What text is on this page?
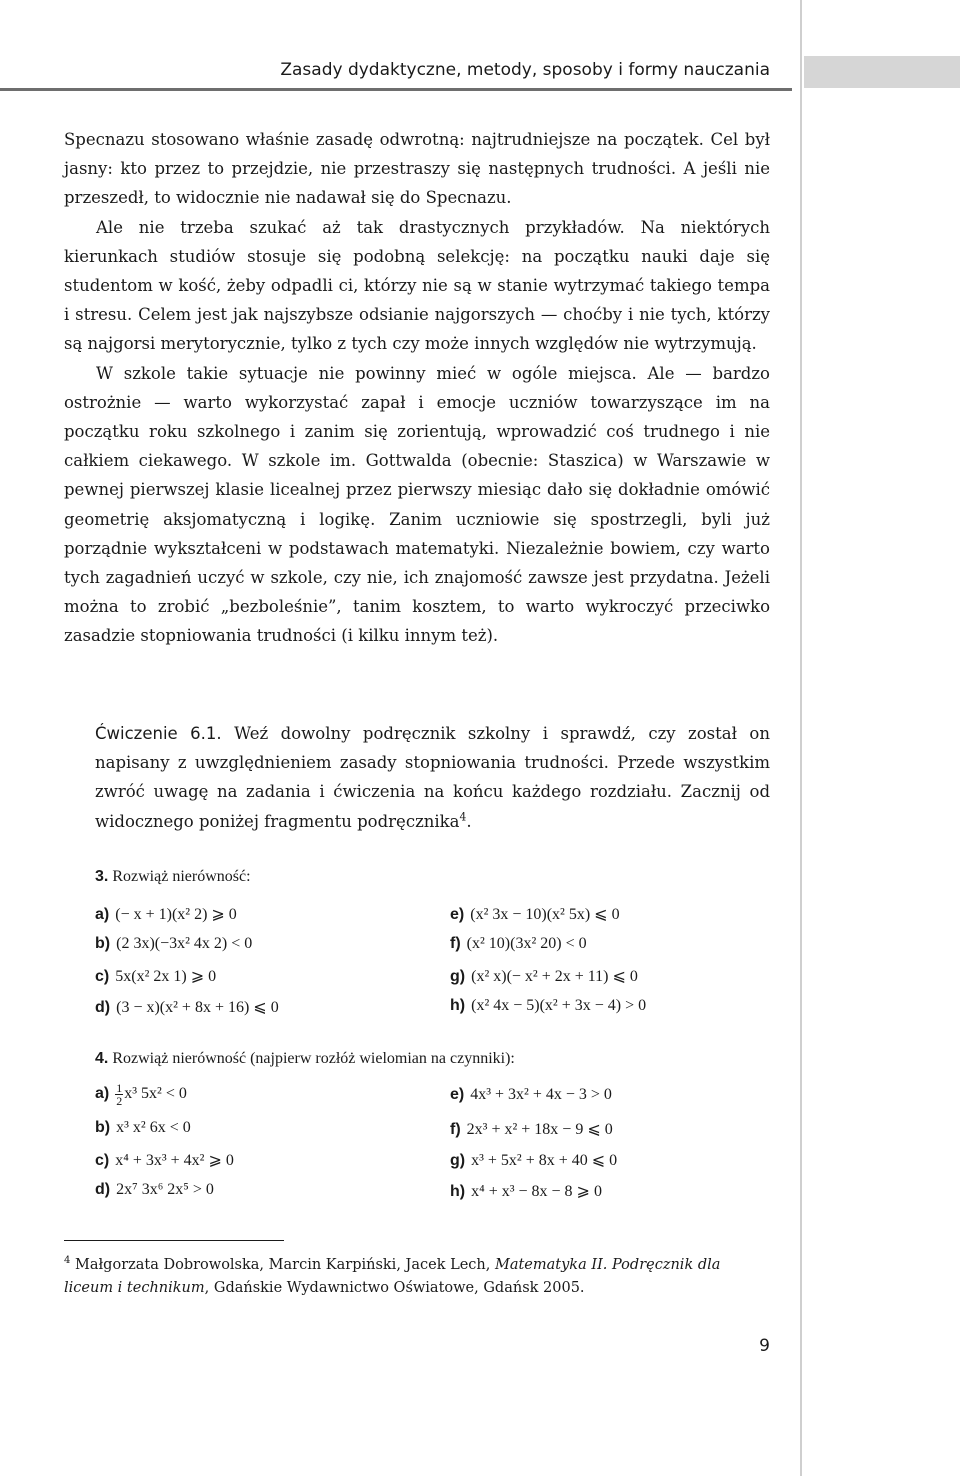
Zasady dydaktyczne, metody, sposoby i formy nauczania

Specnazu stosowano właśnie zasadę odwrotną: najtrudniejsze na początek. Cel był jasny: kto przez to przejdzie, nie przestraszy się następnych trudności. A jeśli nie przeszedł, to widocznie nie nadawał się do Specnazu.

Ale nie trzeba szukać aż tak drastycznych przykładów. Na niektórych kierunkach studiów stosuje się podobną selekcję: na początku nauki daje się studentom w kość, żeby odpadli ci, którzy nie są w stanie wytrzymać takiego tempa i stresu. Celem jest jak najszybsze odsianie najgorszych — choćby i nie tych, którzy są najgorsi merytorycznie, tylko z tych czy może innych względów nie wytrzymują.

W szkole takie sytuacje nie powinny mieć w ogóle miejsca. Ale — bardzo ostrożnie — warto wykorzystać zapał i emocje uczniów towarzyszące im na początku roku szkolnego i zanim się zorientują, wprowadzić coś trudnego i nie całkiem ciekawego. W szkole im. Gottwalda (obecnie: Staszica) w Warszawie w pewnej pierwszej klasie licealnej przez pierwszy miesiąc dało się dokładnie omówić geometrię aksjomatyczną i logikę. Zanim uczniowie się spostrzegli, byli już porządnie wykształceni w podstawach matematyki. Niezależnie bowiem, czy warto tych zagadnień uczyć w szkole, czy nie, ich znajomość zawsze jest przydatna. Jeżeli można to zrobić „bezboleśnie”, tanim kosztem, to warto wykroczyć przeciwko zasadzie stopniowania trudności (i kilku innym też).

Ćwiczenie 6.1. Weź dowolny podręcznik szkolny i sprawdź, czy został on napisany z uwzględnieniem zasady stopniowania trudności. Przede wszystkim zwróć uwagę na zadania i ćwiczenia na końcu każdego rozdziału. Zacznij od widocznego poniżej fragmentu podręcznika$^4$.
3. Rozwiąż nierówność:
a) (− x + 1)(x² 2) ⩾ 0
b) (2 3x)(−3x² 4x 2) < 0
c) 5x(x² 2x 1) ⩾ 0
d) (3 − x)(x² + 8x + 16) ⩽ 0
e) (x² 3x − 10)(x² 5x) ⩽ 0
f) (x² 10)(3x² 20) < 0
g) (x² x)(− x² + 2x + 11) ⩽ 0
h) (x² 4x − 5)(x² + 3x − 4) > 0
4. Rozwiąż nierówność (najpierw rozłóż wielomian na czynniki):
$a) \frac{1}{2} x^3$ 5x² < 0
b) x³ x² 6x < 0
c) x⁴ + 3x³ + 4x² ⩾ 0
d) 2x⁷ 3x⁶ 2x⁵ > 0
e) 4x³ + 3x² + 4x − 3 > 0
f) 2x³ + x² + 18x − 9 ⩽ 0
g) x³ + 5x² + 8x + 40 ⩽ 0
h) x⁴ + x³ − 8x − 8 ⩾ 0
$^4$ Małgorzata Dobrowolska, Marcin Karpiński, Jacek Lech, Matematyka II. Podręcznik dla liceum i technikum, Gdańskie Wydawnictwo Oświatowe, Gdańsk 2005.
9
